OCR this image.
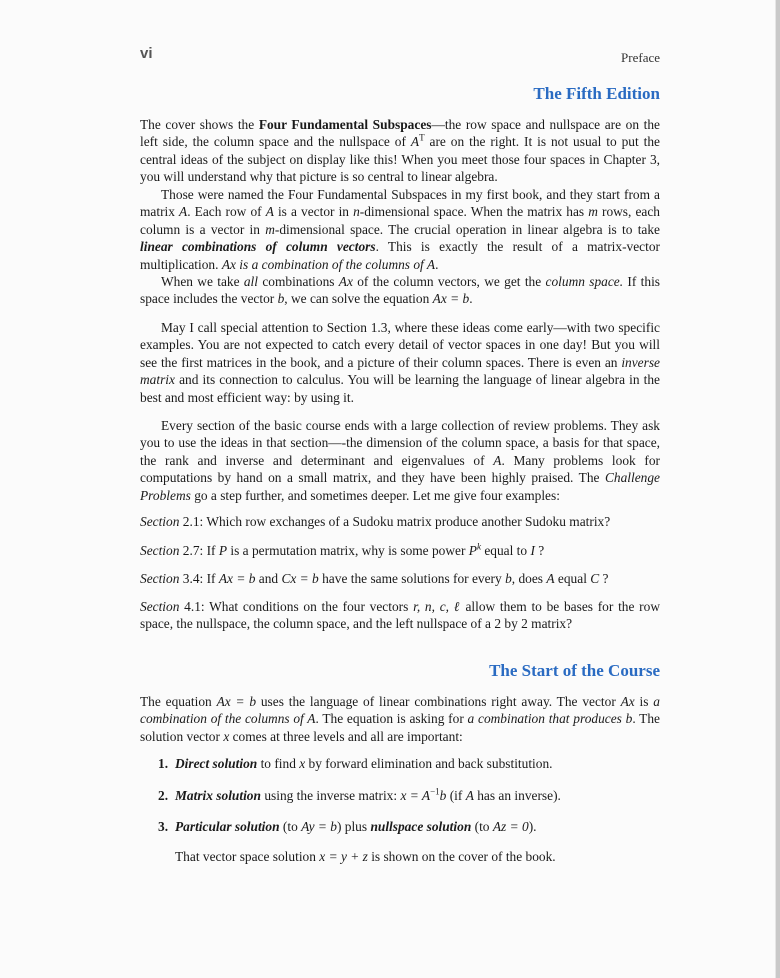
vi	Preface
The Fifth Edition

The cover shows the Four Fundamental Subspaces—the row space and nullspace are on the left side, the column space and the nullspace of $A^T$ are on the right. It is not usual to put the central ideas of the subject on display like this! When you meet those four spaces in Chapter 3, you will understand why that picture is so central to linear algebra.

Those were named the Four Fundamental Subspaces in my first book, and they start from a matrix A. Each row of A is a vector in n-dimensional space. When the matrix has m rows, each column is a vector in m-dimensional space. The crucial operation in linear algebra is to take linear combinations of column vectors. This is exactly the result of a matrix-vector multiplication. Ax is a combination of the columns of A.

When we take all combinations Ax of the column vectors, we get the column space. If this space includes the vector b, we can solve the equation Ax = b.

May I call special attention to Section 1.3, where these ideas come early—with two specific examples. You are not expected to catch every detail of vector spaces in one day! But you will see the first matrices in the book, and a picture of their column spaces. There is even an inverse matrix and its connection to calculus. You will be learning the language of linear algebra in the best and most efficient way: by using it.

Every section of the basic course ends with a large collection of review problems. They ask you to use the ideas in that section—-the dimension of the column space, a basis for that space, the rank and inverse and determinant and eigenvalues of A. Many problems look for computations by hand on a small matrix, and they have been highly praised. The Challenge Problems go a step further, and sometimes deeper. Let me give four examples:

Section 2.1: Which row exchanges of a Sudoku matrix produce another Sudoku matrix?

Section 2.7: If P is a permutation matrix, why is some power $P^k$ equal to I ?

Section 3.4: If Ax = b and Cx = b have the same solutions for every b, does A equal C ?

Section 4.1: What conditions on the four vectors r, n, c, ℓ allow them to be bases for the row space, the nullspace, the column space, and the left nullspace of a 2 by 2 matrix?

The Start of the Course

The equation Ax = b uses the language of linear combinations right away. The vector Ax is a combination of the columns of A. The equation is asking for a combination that produces b. The solution vector x comes at three levels and all are important:

1. Direct solution to find x by forward elimination and back substitution.
2. Matrix solution using the inverse matrix: $x = A^{-1}b$ (if A has an inverse).
3. Particular solution (to Ay = b) plus nullspace solution (to Az = 0).
That vector space solution x = y + z is shown on the cover of the book.
